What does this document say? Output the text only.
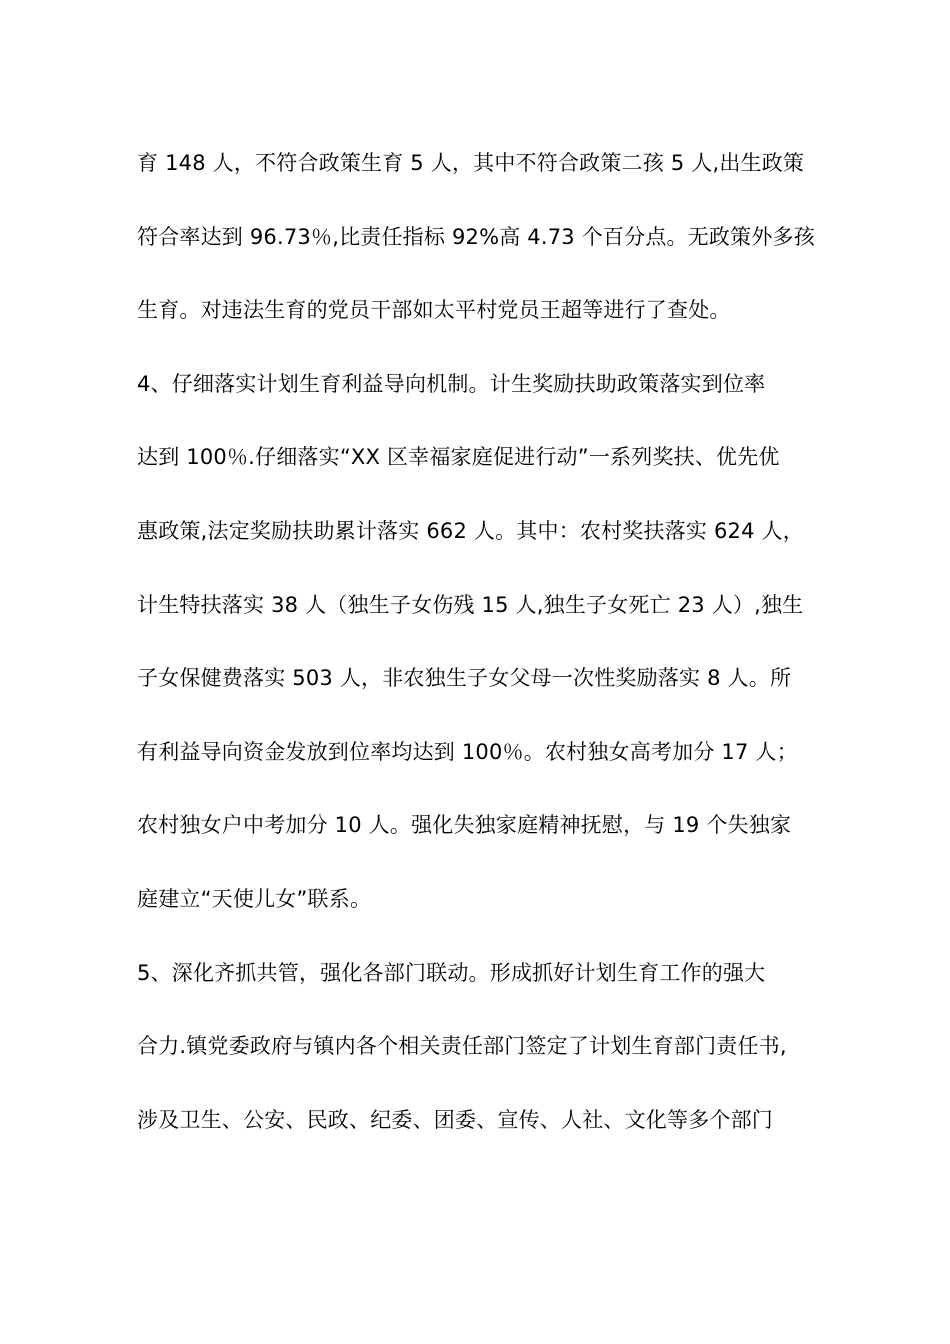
育 148 人，不符合政策生育 5 人，其中不符合政策二孩 5 人,出生政策
符合率达到 96.73％,比责任指标 92%高 4.73 个百分点。无政策外多孩
生育。对违法生育的党员干部如太平村党员王超等进行了查处。
4、仔细落实计划生育利益导向机制。计生奖励扶助政策落实到位率
达到 100％.仔细落实“XX 区幸福家庭促进行动”一系列奖扶、优先优
惠政策,法定奖励扶助累计落实 662 人。其中：农村奖扶落实 624 人，
计生特扶落实 38 人（独生子女伤残 15 人,独生子女死亡 23 人）,独生
子女保健费落实 503 人，非农独生子女父母一次性奖励落实 8 人。所
有利益导向资金发放到位率均达到 100％。农村独女高考加分 17 人；
农村独女户中考加分 10 人。强化失独家庭精神抚慰，与 19 个失独家
庭建立“天使儿女”联系。
5、深化齐抓共管，强化各部门联动。形成抓好计划生育工作的强大
合力.镇党委政府与镇内各个相关责任部门签定了计划生育部门责任书,
涉及卫生、公安、民政、纪委、团委、宣传、人社、文化等多个部门
